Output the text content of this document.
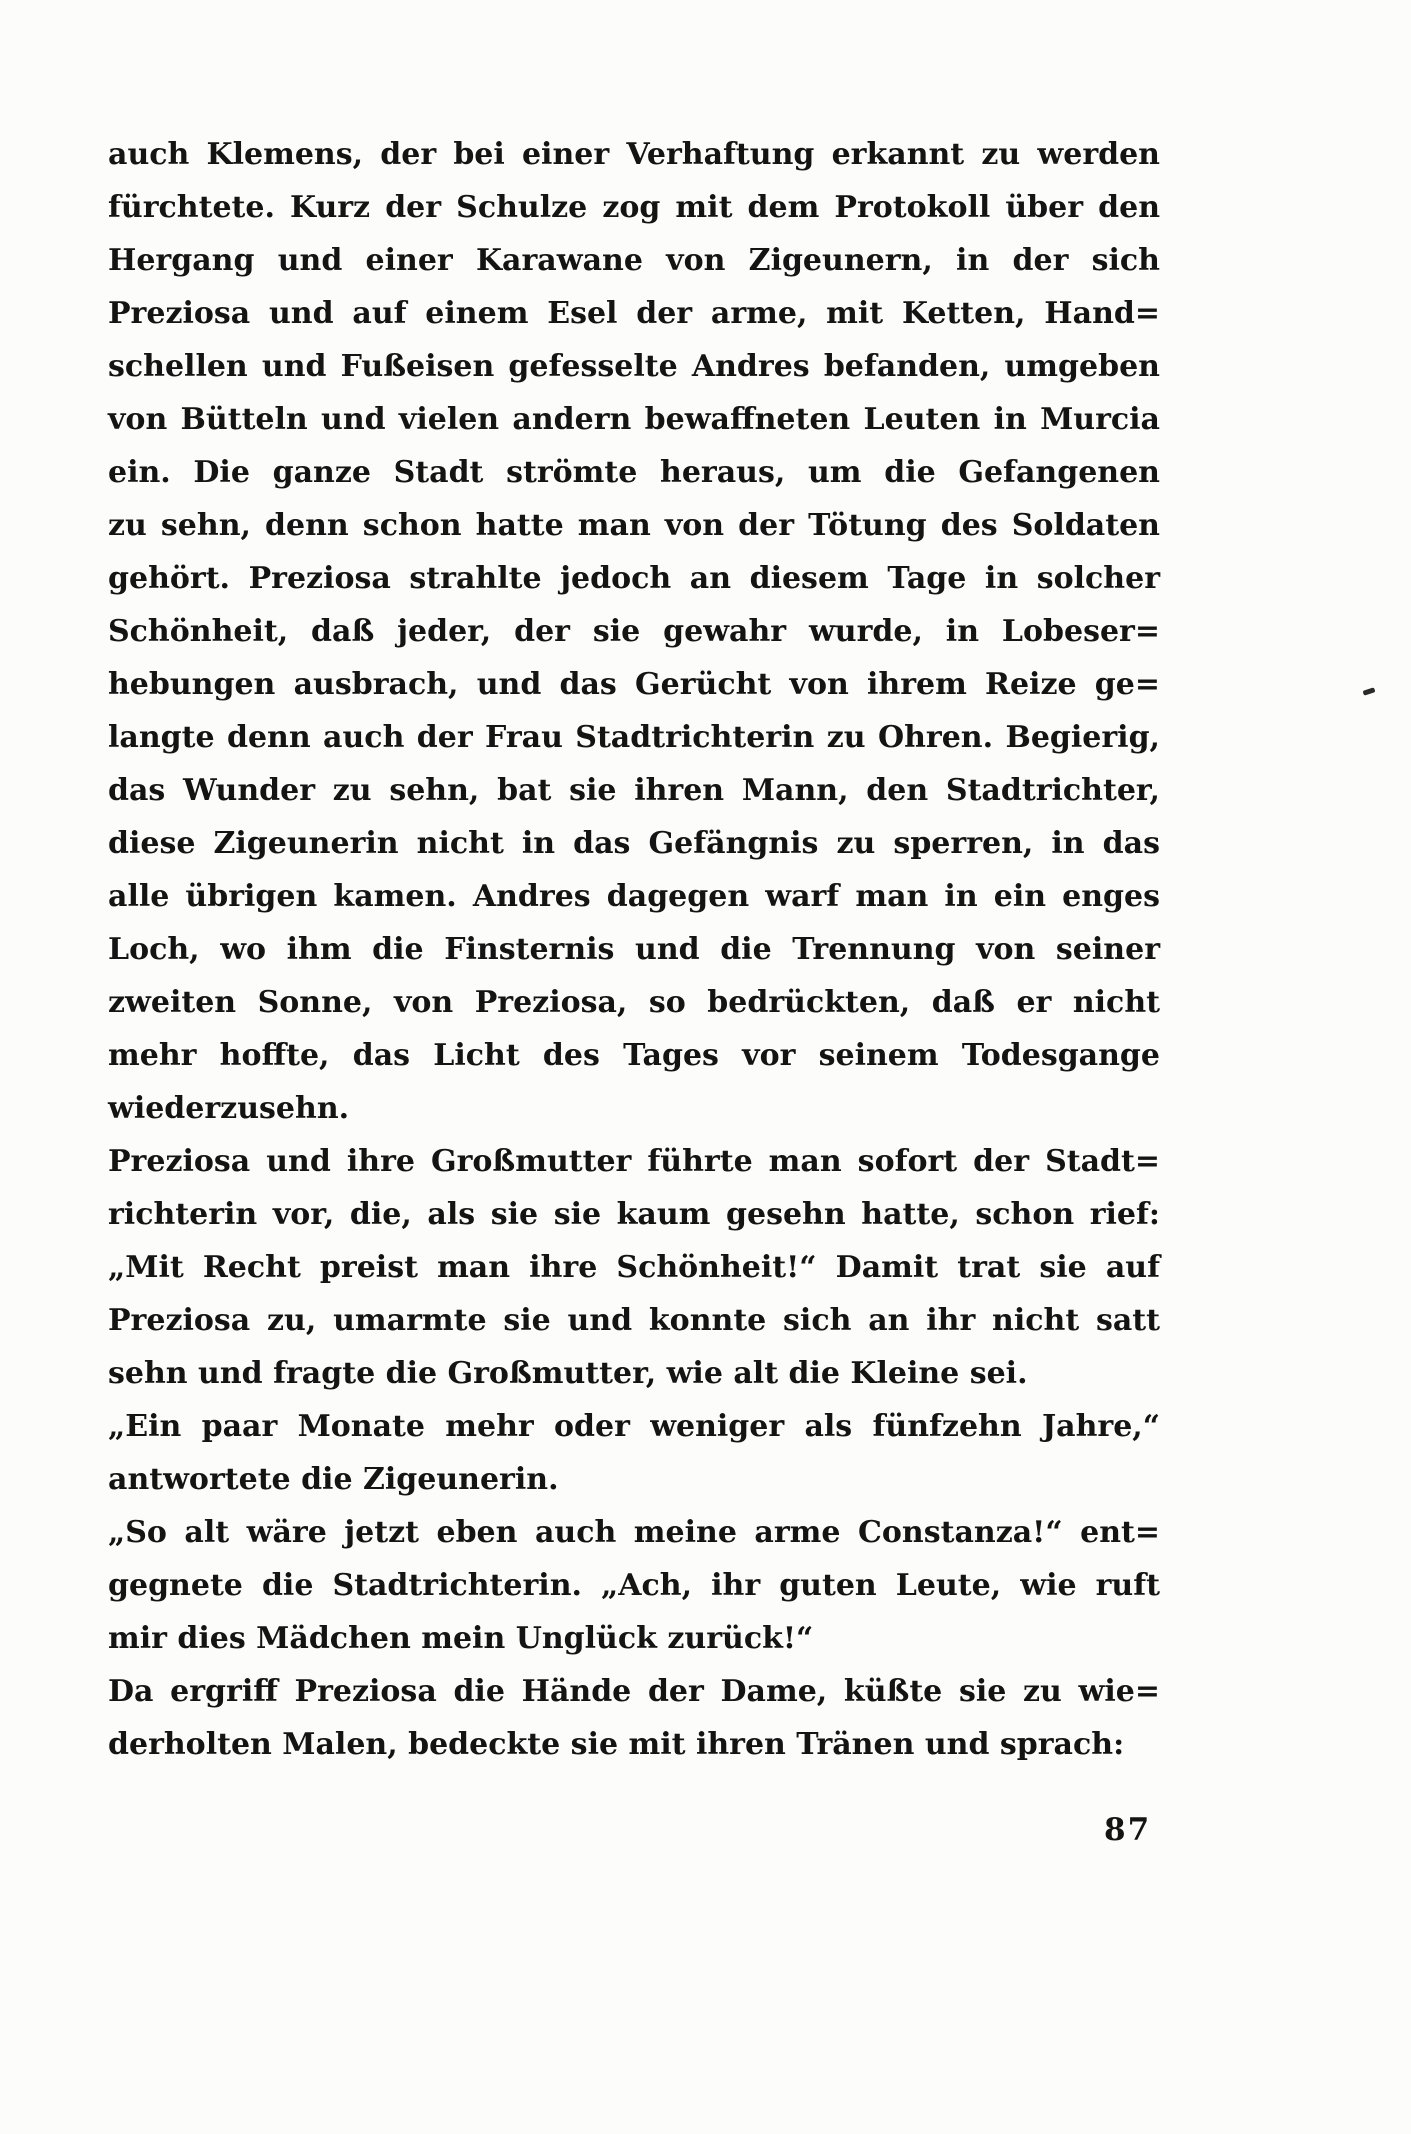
auch Klemens, der bei einer Verhaftung erkannt zu werden
fürchtete. Kurz der Schulze zog mit dem Protokoll über den
Hergang und einer Karawane von Zigeunern, in der sich
Preziosa und auf einem Esel der arme, mit Ketten, Hand=
schellen und Fußeisen gefesselte Andres befanden, umgeben
von Bütteln und vielen andern bewaffneten Leuten in Murcia
ein. Die ganze Stadt strömte heraus, um die Gefangenen
zu sehn, denn schon hatte man von der Tötung des Soldaten
gehört. Preziosa strahlte jedoch an diesem Tage in solcher
Schönheit, daß jeder, der sie gewahr wurde, in Lobeser=
hebungen ausbrach, und das Gerücht von ihrem Reize ge=
langte denn auch der Frau Stadtrichterin zu Ohren. Begierig,
das Wunder zu sehn, bat sie ihren Mann, den Stadtrichter,
diese Zigeunerin nicht in das Gefängnis zu sperren, in das
alle übrigen kamen. Andres dagegen warf man in ein enges
Loch, wo ihm die Finsternis und die Trennung von seiner
zweiten Sonne, von Preziosa, so bedrückten, daß er nicht
mehr hoffte, das Licht des Tages vor seinem Todesgange
wiederzusehn.
Preziosa und ihre Großmutter führte man sofort der Stadt=
richterin vor, die, als sie sie kaum gesehn hatte, schon rief:
„Mit Recht preist man ihre Schönheit!“ Damit trat sie auf
Preziosa zu, umarmte sie und konnte sich an ihr nicht satt
sehn und fragte die Großmutter, wie alt die Kleine sei.
„Ein paar Monate mehr oder weniger als fünfzehn Jahre,“
antwortete die Zigeunerin.
„So alt wäre jetzt eben auch meine arme Constanza!“ ent=
gegnete die Stadtrichterin. „Ach, ihr guten Leute, wie ruft
mir dies Mädchen mein Unglück zurück!“
Da ergriff Preziosa die Hände der Dame, küßte sie zu wie=
derholten Malen, bedeckte sie mit ihren Tränen und sprach:
87
